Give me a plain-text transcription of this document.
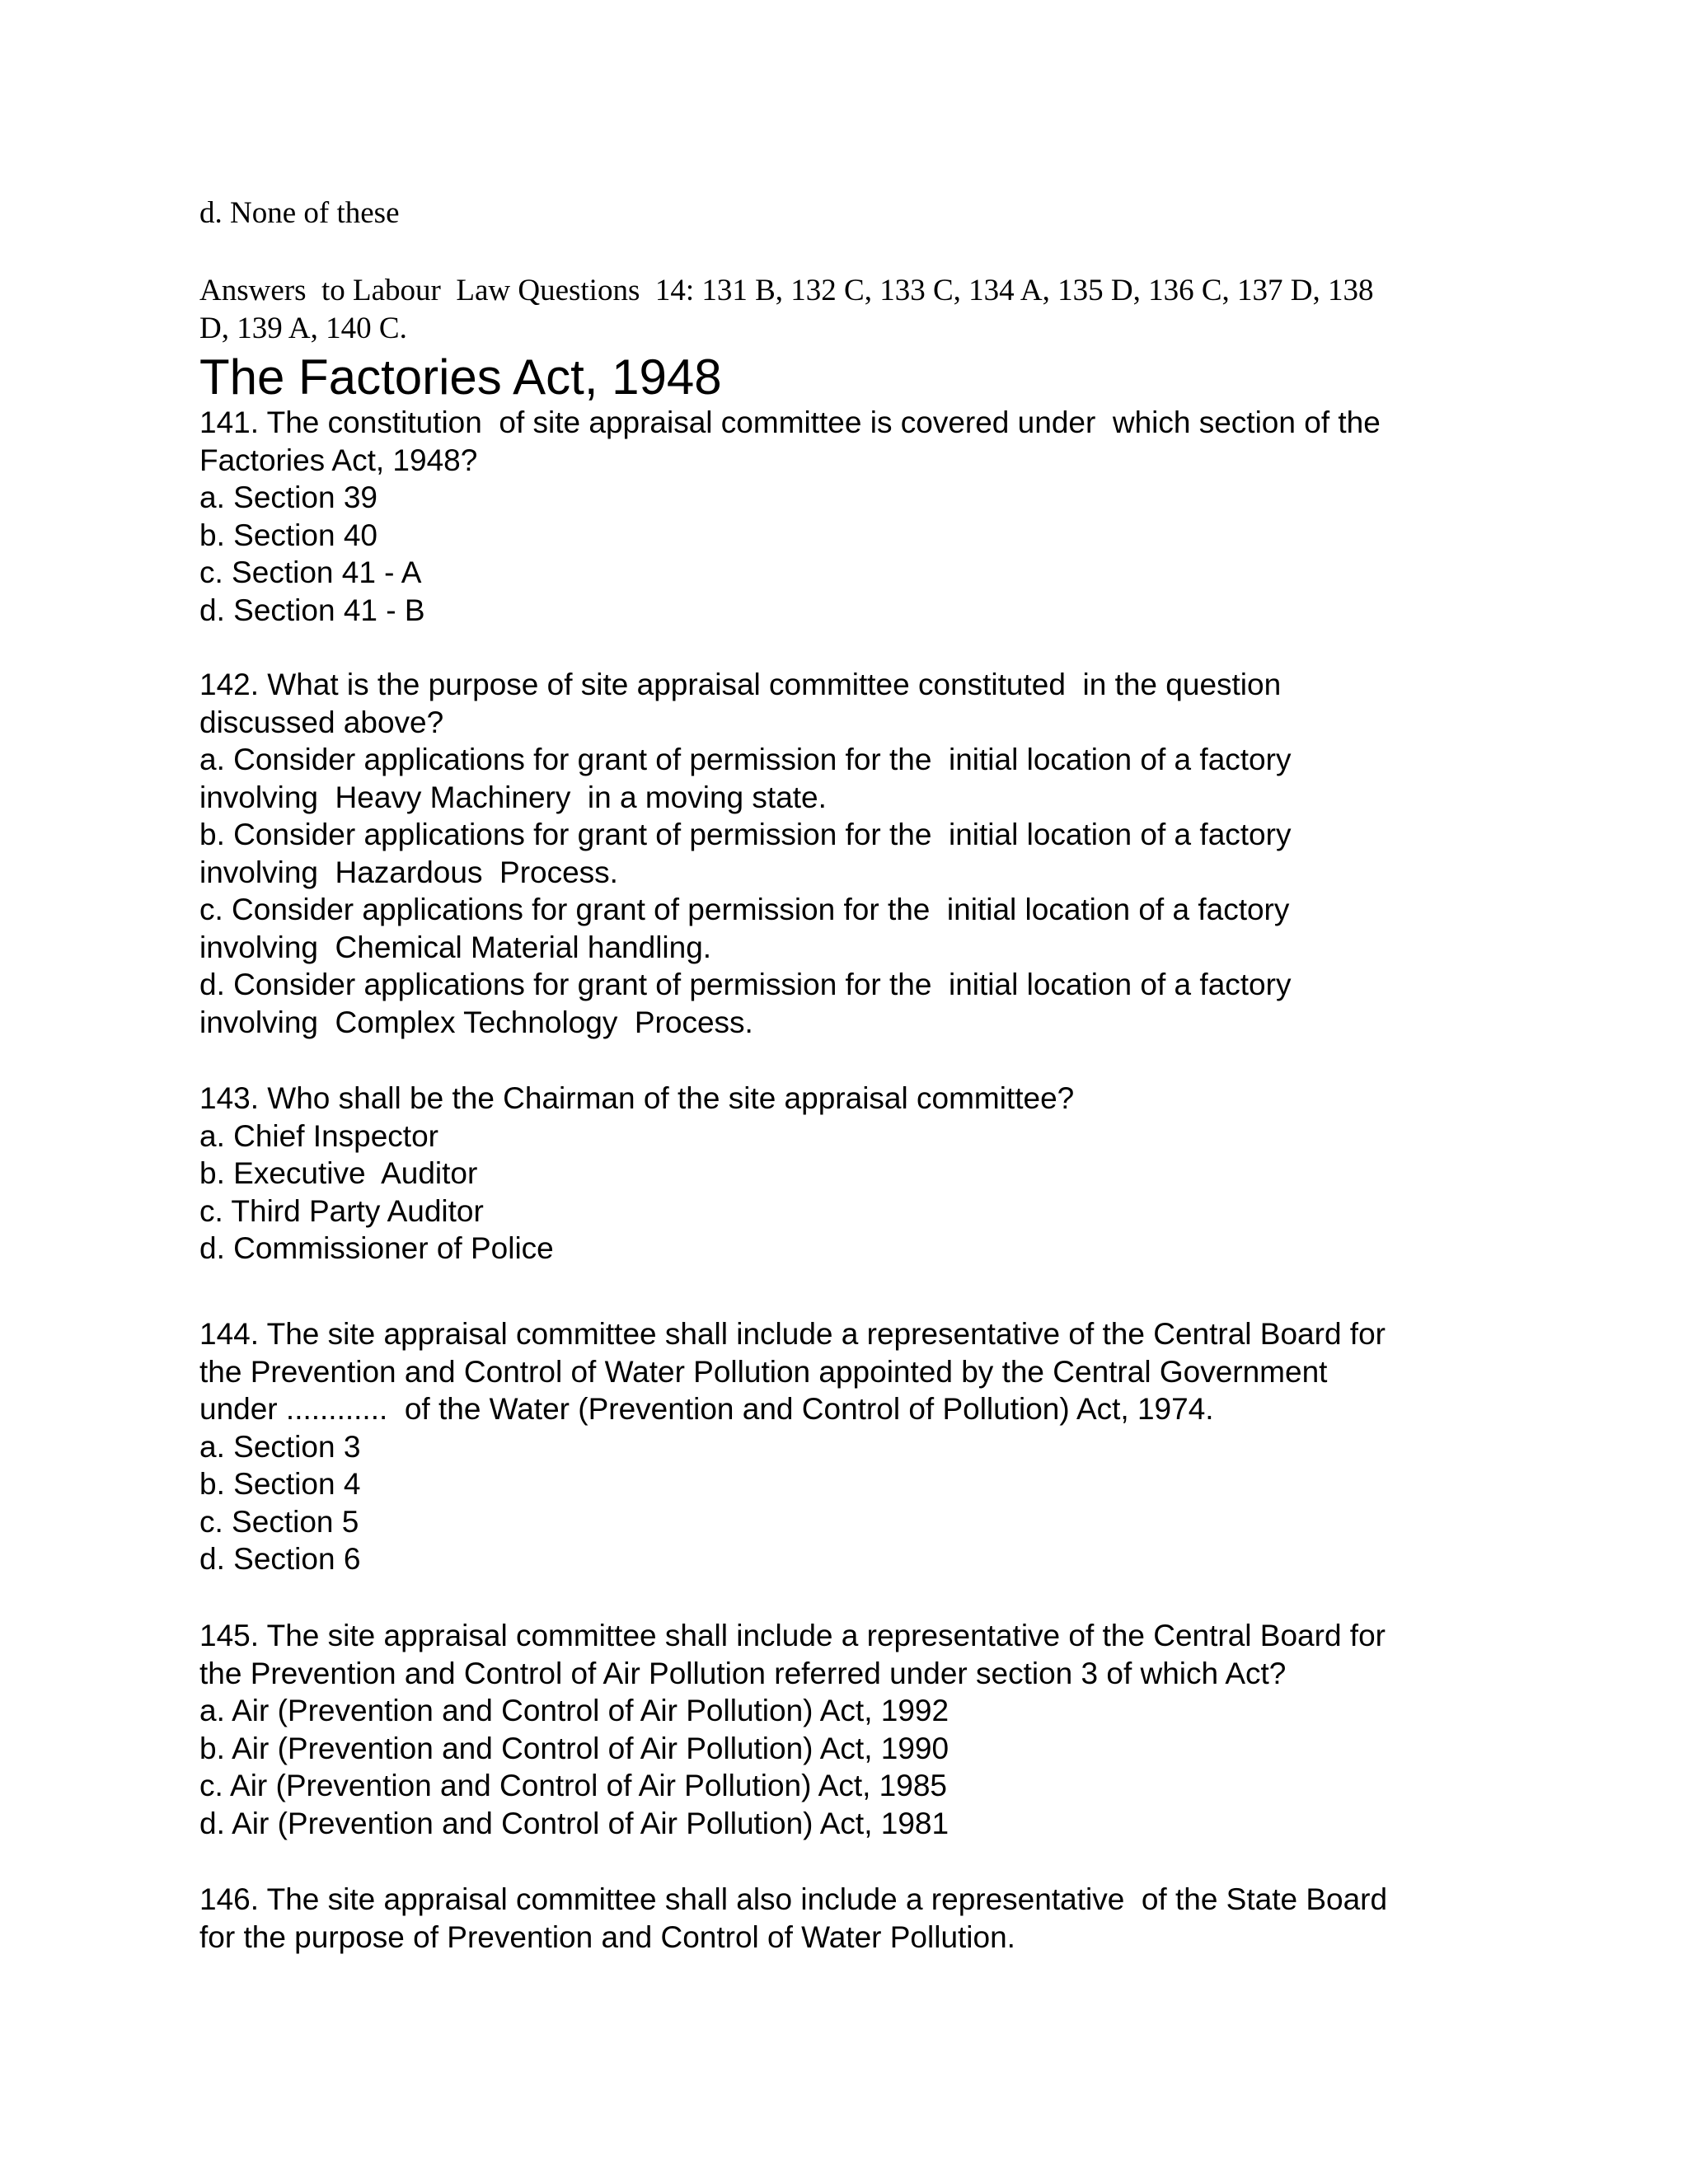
d. None of these
Answers  to Labour  Law Questions  14: 131 B, 132 C, 133 C, 134 A, 135 D, 136 C, 137 D, 138
D, 139 A, 140 C.
The Factories Act, 1948
141. The constitution  of site appraisal committee is covered under  which section of the
Factories Act, 1948?
a. Section 39
b. Section 40
c. Section 41 - A
d. Section 41 - B
142. What is the purpose of site appraisal committee constituted  in the question
discussed above?
a. Consider applications for grant of permission for the  initial location of a factory
involving  Heavy Machinery  in a moving state.
b. Consider applications for grant of permission for the  initial location of a factory
involving  Hazardous  Process.
c. Consider applications for grant of permission for the  initial location of a factory
involving  Chemical Material handling.
d. Consider applications for grant of permission for the  initial location of a factory
involving  Complex Technology  Process.
143. Who shall be the Chairman of the site appraisal committee?
a. Chief Inspector
b. Executive  Auditor
c. Third Party Auditor
d. Commissioner of Police
144. The site appraisal committee shall include a representative of the Central Board for
the Prevention and Control of Water Pollution appointed by the Central Government
under ............  of the Water (Prevention and Control of Pollution) Act, 1974.
a. Section 3
b. Section 4
c. Section 5
d. Section 6
145. The site appraisal committee shall include a representative of the Central Board for
the Prevention and Control of Air Pollution referred under section 3 of which Act?
a. Air (Prevention and Control of Air Pollution) Act, 1992
b. Air (Prevention and Control of Air Pollution) Act, 1990
c. Air (Prevention and Control of Air Pollution) Act, 1985
d. Air (Prevention and Control of Air Pollution) Act, 1981
146. The site appraisal committee shall also include a representative  of the State Board
for the purpose of Prevention and Control of Water Pollution.
